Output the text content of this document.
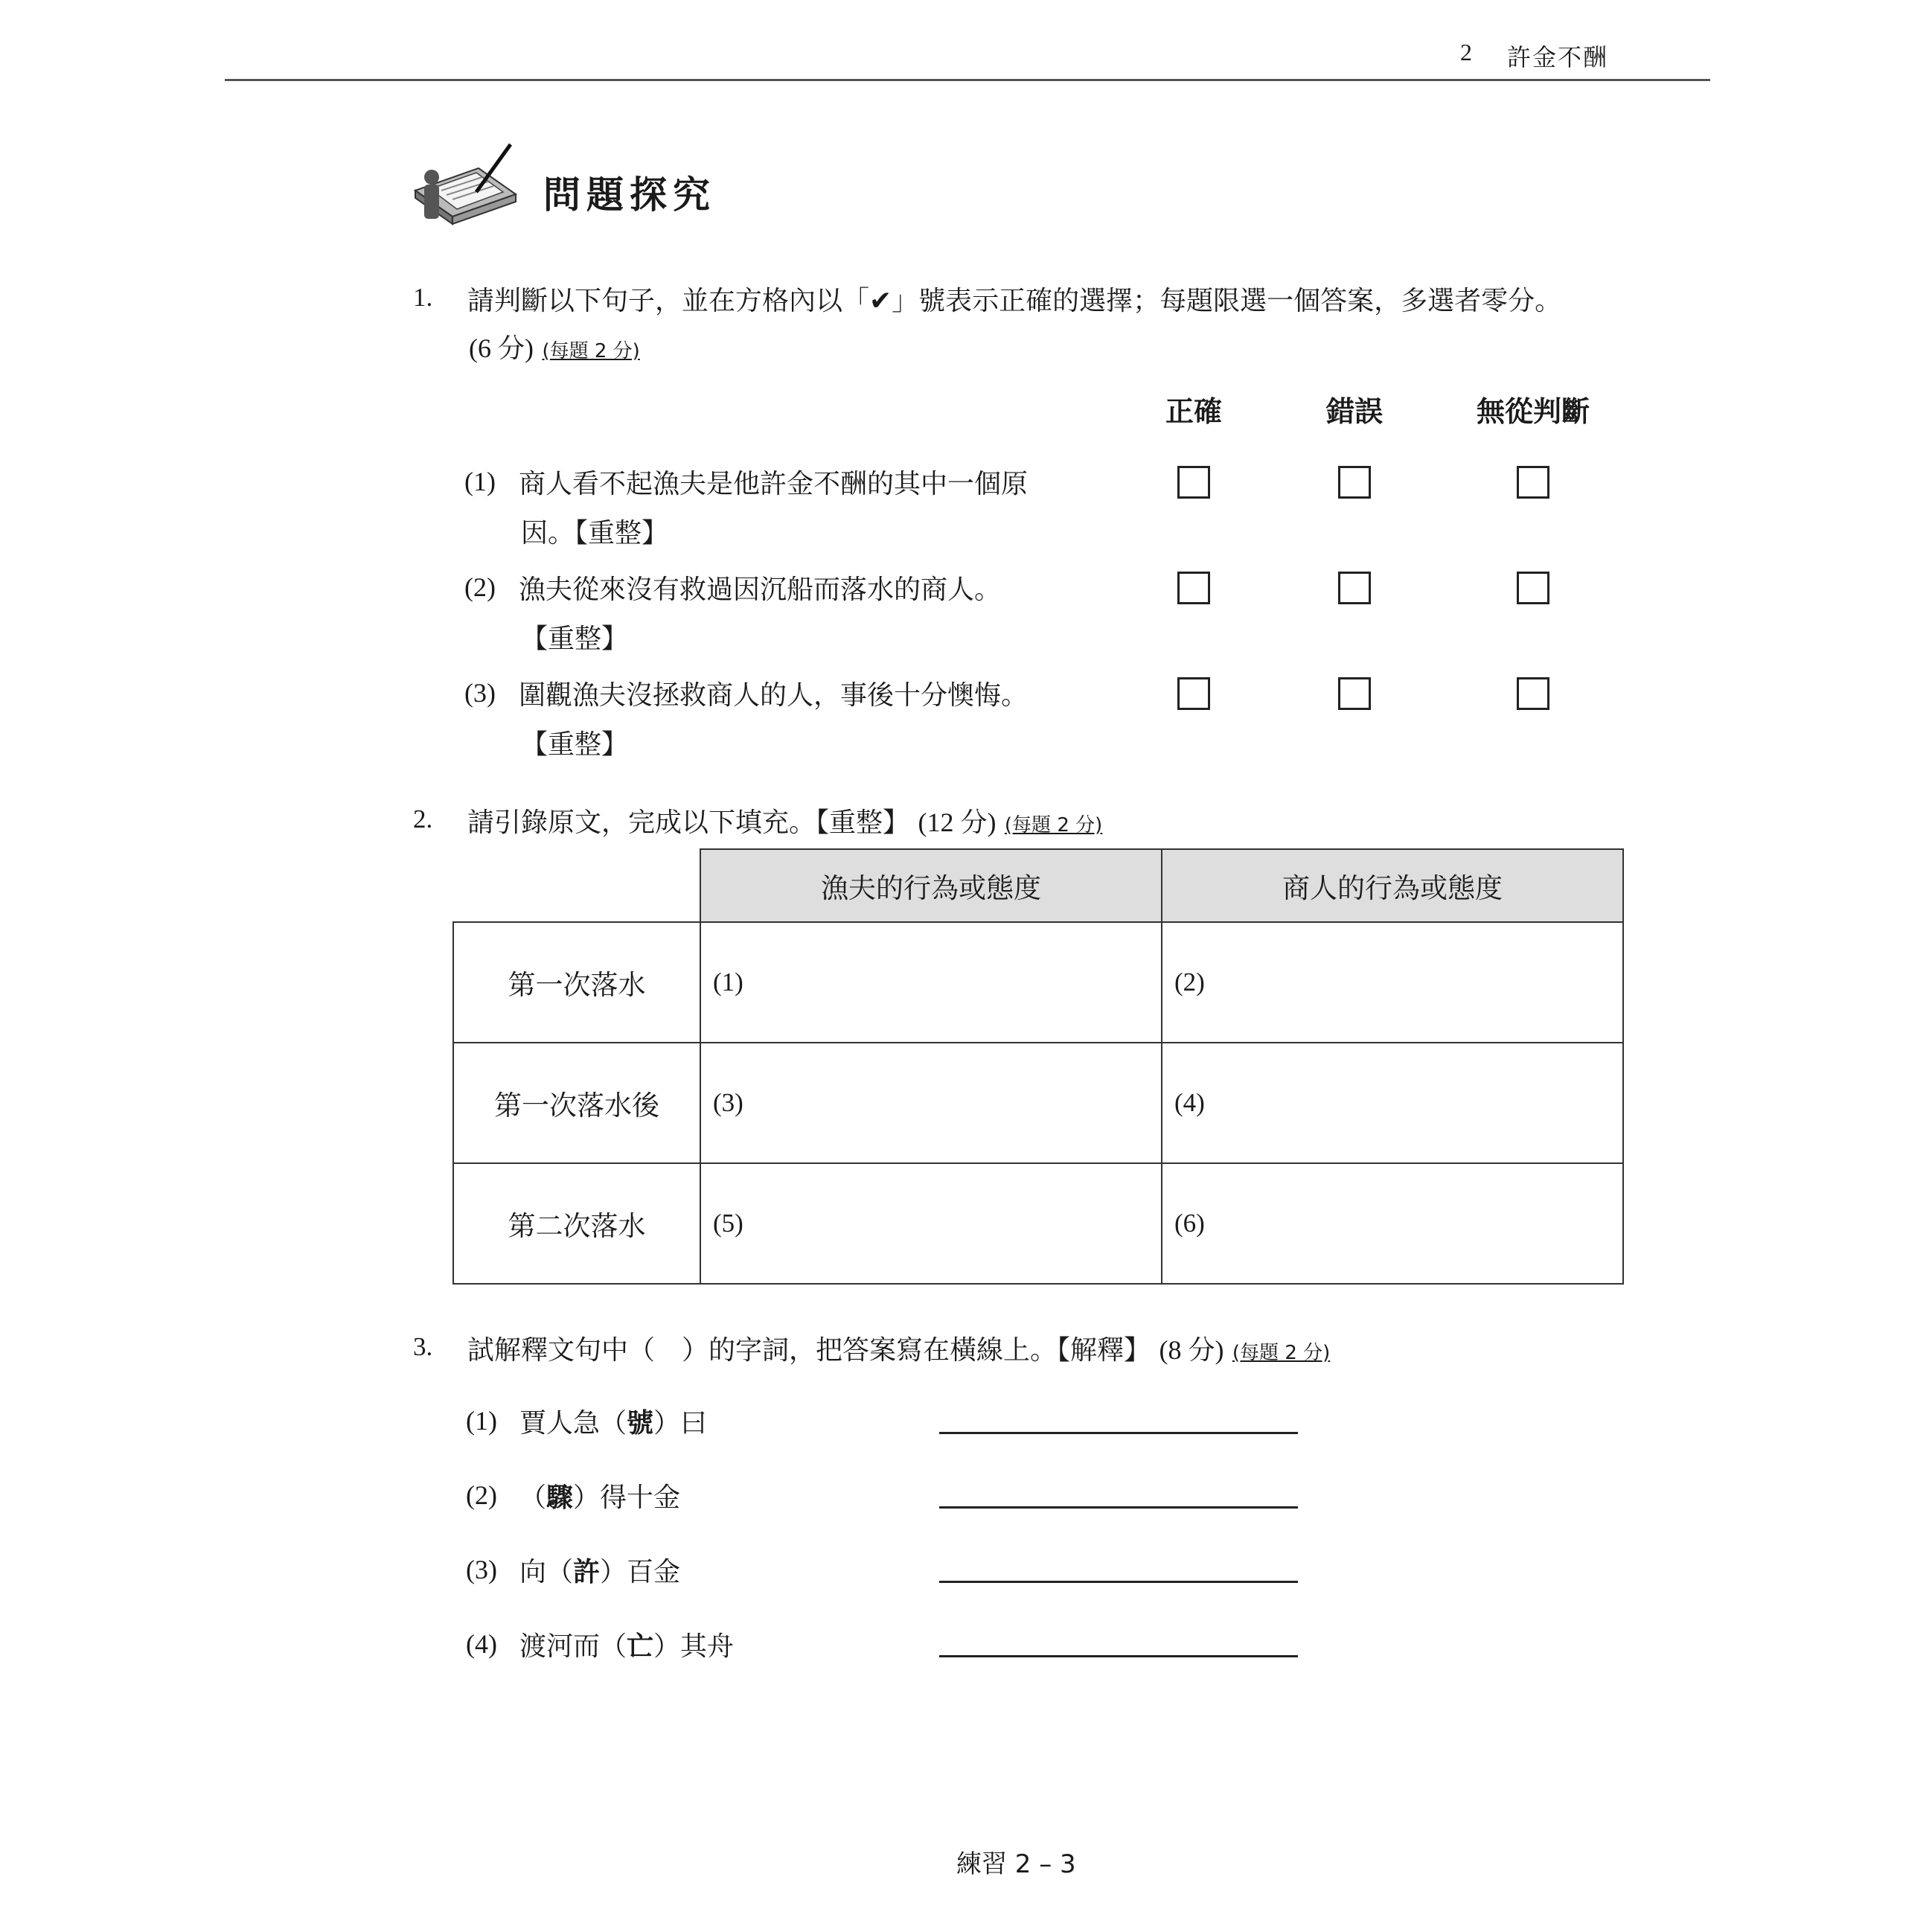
2 許金不酬
問題探究
1. 請判斷以下句子，並在方格內以「✔」號表示正確的選擇；每題限選一個答案，多選者零分。
(6 分) (每題 2 分)
正確	錯誤	無從判斷
(1) 商人看不起漁夫是他許金不酬的其中一個原
因。【重整】
(2) 漁夫從來沒有救過因沉船而落水的商人。
【重整】
(3) 圍觀漁夫沒拯救商人的人，事後十分懊悔。
【重整】
2. 請引錄原文，完成以下填充。【重整】 (12 分) (每題 2 分)
	漁夫的行為或態度	商人的行為或態度
第一次落水	(1)	(2)
第一次落水後	(3)	(4)
第二次落水	(5)	(6)
3. 試解釋文句中（　）的字詞，把答案寫在橫線上。【解釋】 (8 分) (每題 2 分)
(1) 賈人急（號）曰
(2) （驟）得十金
(3) 向（許）百金
(4) 渡河而（亡）其舟
練習 2 – 3
